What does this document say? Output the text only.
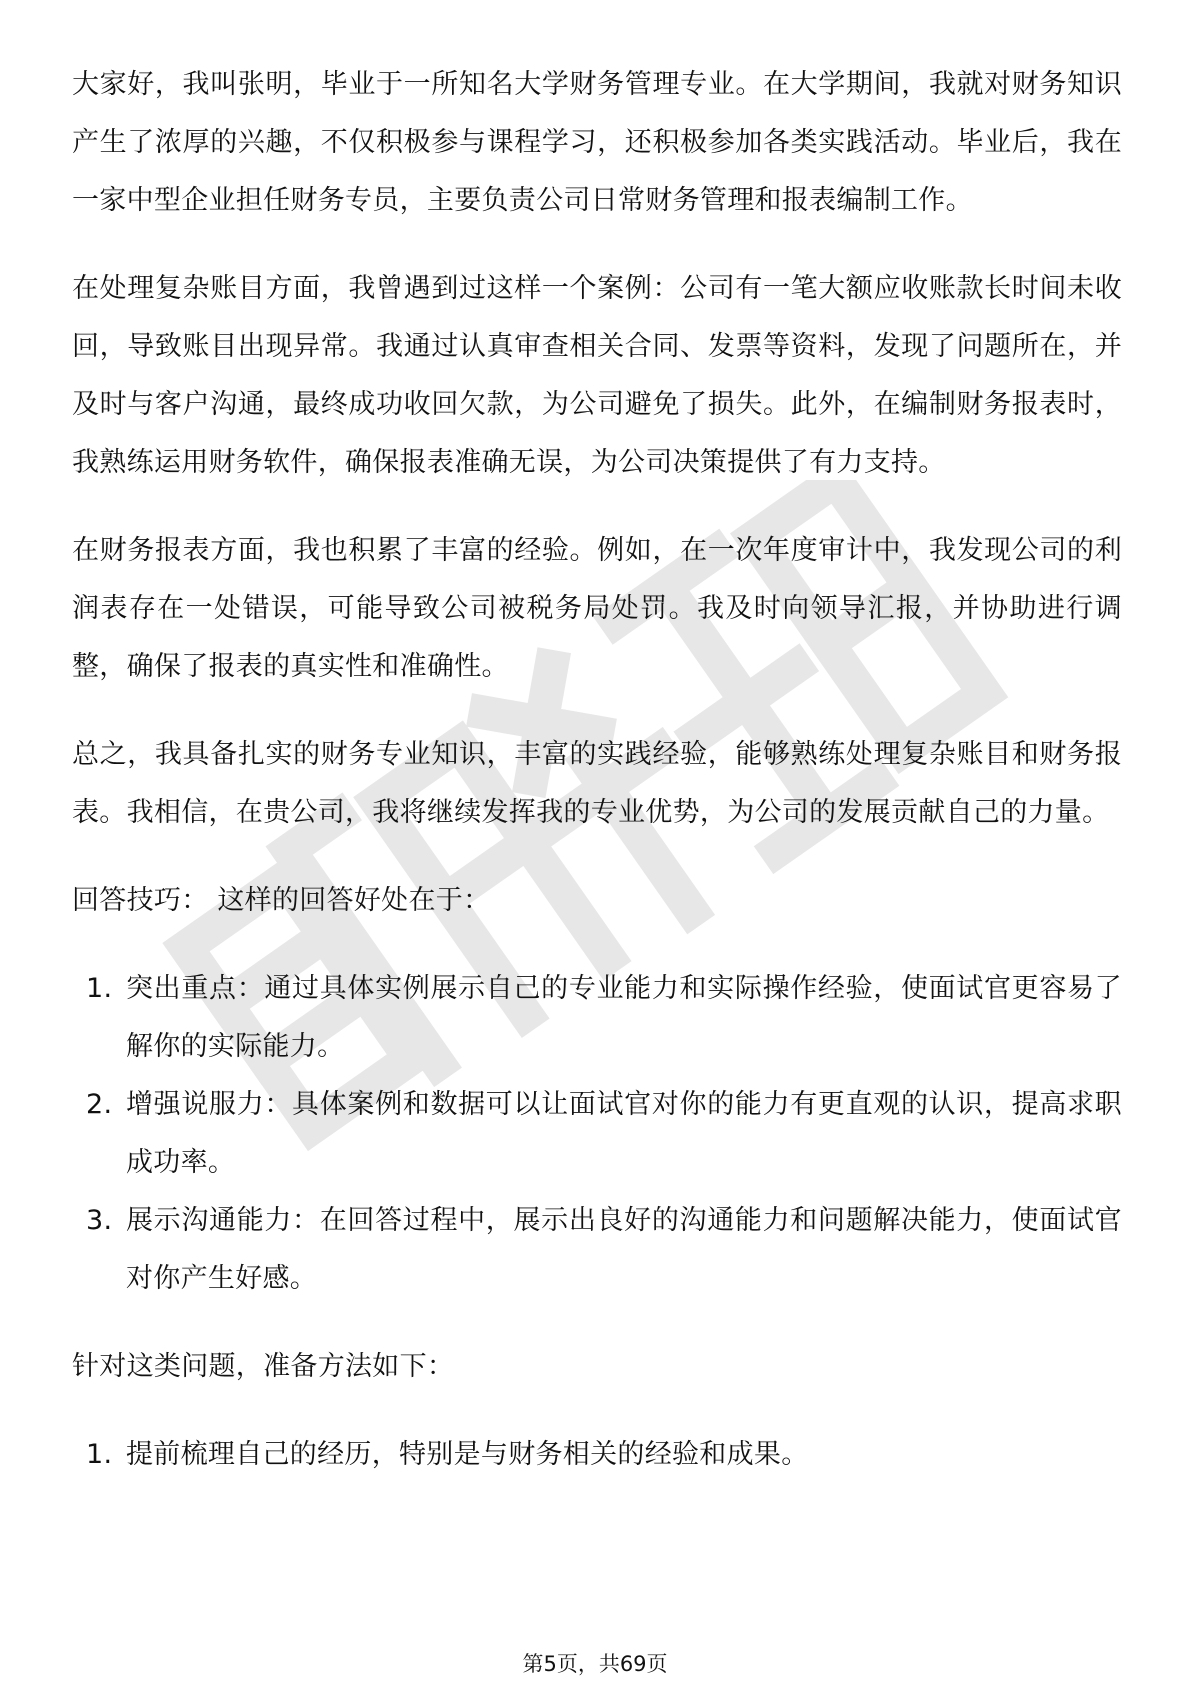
大家好，我叫张明，毕业于一所知名大学财务管理专业。在大学期间，我就对财务知识产生了浓厚的兴趣，不仅积极参与课程学习，还积极参加各类实践活动。毕业后，我在一家中型企业担任财务专员，主要负责公司日常财务管理和报表编制工作。

在处理复杂账目方面，我曾遇到过这样一个案例：公司有一笔大额应收账款长时间未收回，导致账目出现异常。我通过认真审查相关合同、发票等资料，发现了问题所在，并及时与客户沟通，最终成功收回欠款，为公司避免了损失。此外，在编制财务报表时，我熟练运用财务软件，确保报表准确无误，为公司决策提供了有力支持。

在财务报表方面，我也积累了丰富的经验。例如，在一次年度审计中，我发现公司的利润表存在一处错误，可能导致公司被税务局处罚。我及时向领导汇报，并协助进行调整，确保了报表的真实性和准确性。

总之，我具备扎实的财务专业知识，丰富的实践经验，能够熟练处理复杂账目和财务报表。我相信，在贵公司，我将继续发挥我的专业优势，为公司的发展贡献自己的力量。

回答技巧： 这样的回答好处在于：

1. 突出重点：通过具体实例展示自己的专业能力和实际操作经验，使面试官更容易了解你的实际能力。
2. 增强说服力：具体案例和数据可以让面试官对你的能力有更直观的认识，提高求职成功率。
3. 展示沟通能力：在回答过程中，展示出良好的沟通能力和问题解决能力，使面试官对你产生好感。

针对这类问题，准备方法如下：

1. 提前梳理自己的经历，特别是与财务相关的经验和成果。
第5页，共69页
